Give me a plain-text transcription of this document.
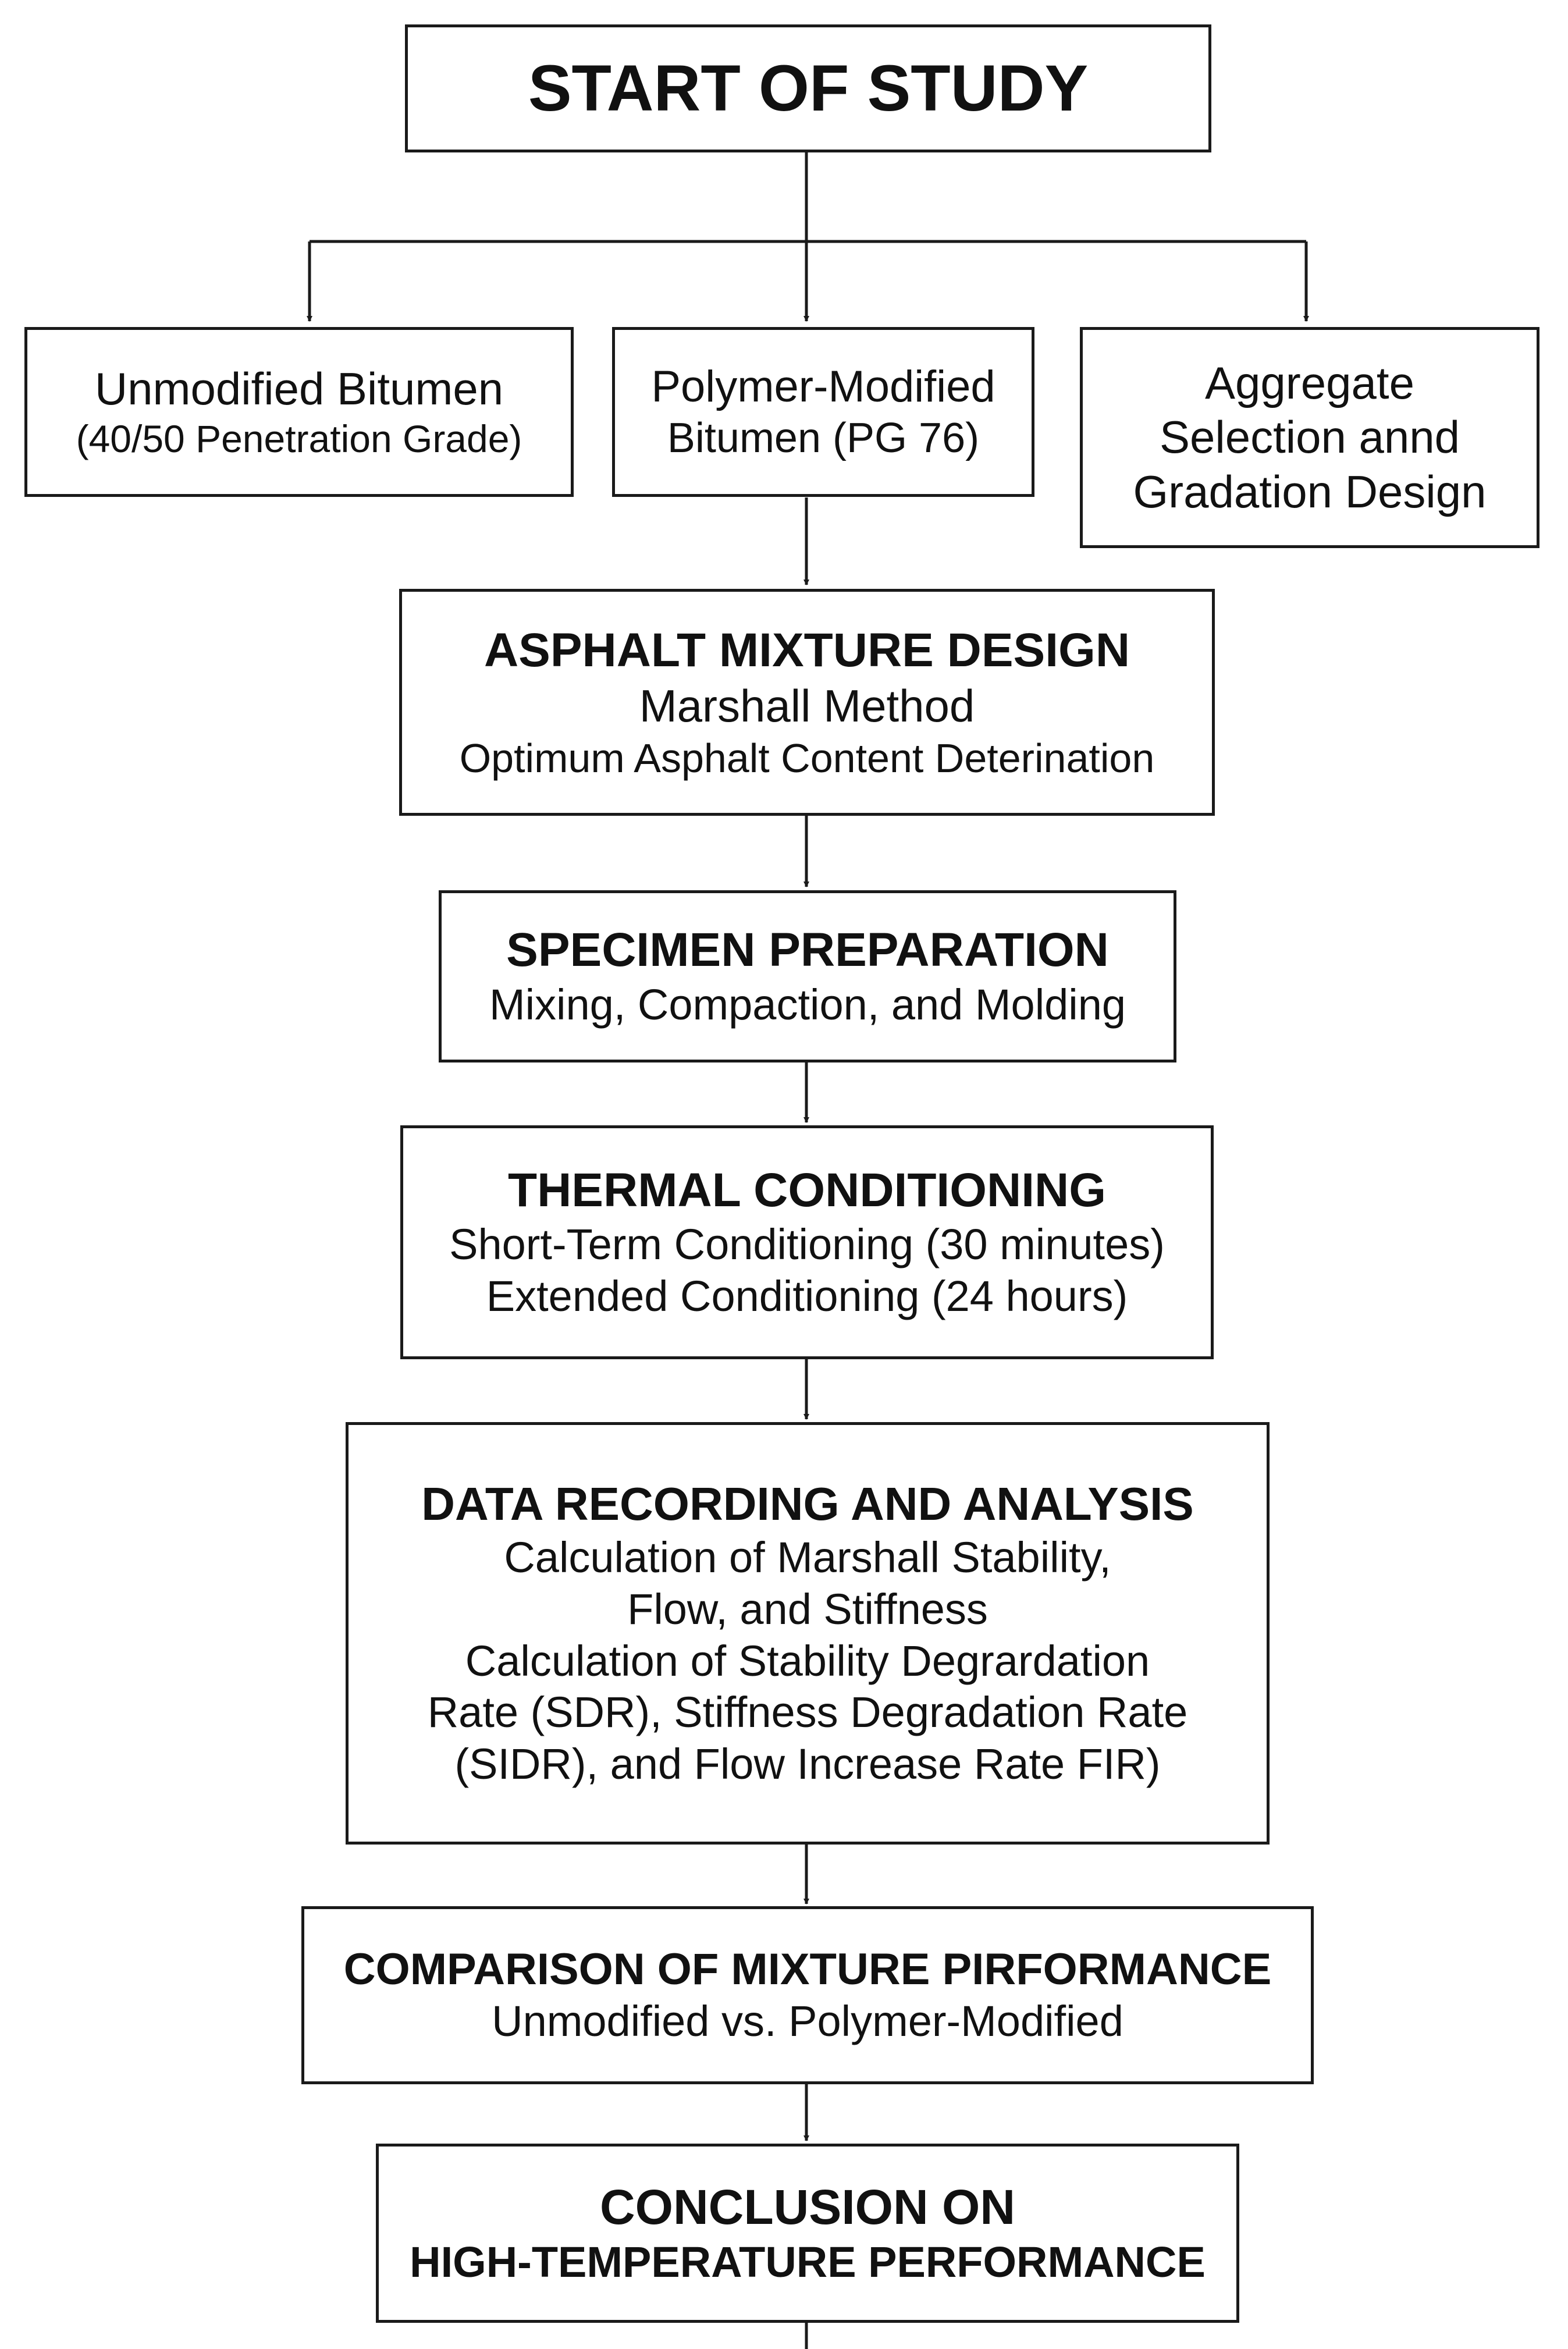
START OF STUDY
Unmodified Bitumen
(40/50 Penetration Grade)
Polymer-Modified
Bitumen (PG 76)
Aggregate
Selection annd
Gradation Design
ASPHALT MIXTURE DESIGN
Marshall Method
Optimum Asphalt Content Deterination
SPECIMEN PREPARATION
Mixing, Compaction, and Molding
THERMAL CONDITIONING
Short-Term Conditioning (30 minutes)
Extended Conditioning (24 hours)
DATA RECORDING AND ANALYSIS
Calculation of Marshall Stability,
Flow, and Stiffness
Calculation of Stability Degrardation
Rate (SDR), Stiffness Degradation Rate
(SIDR), and Flow Increase Rate FIR)
COMPARISON OF MIXTURE PIRFORMANCE
Unmodified vs. Polymer-Modified
CONCLUSION ON
HIGH-TEMPERATURE PERFORMANCE
